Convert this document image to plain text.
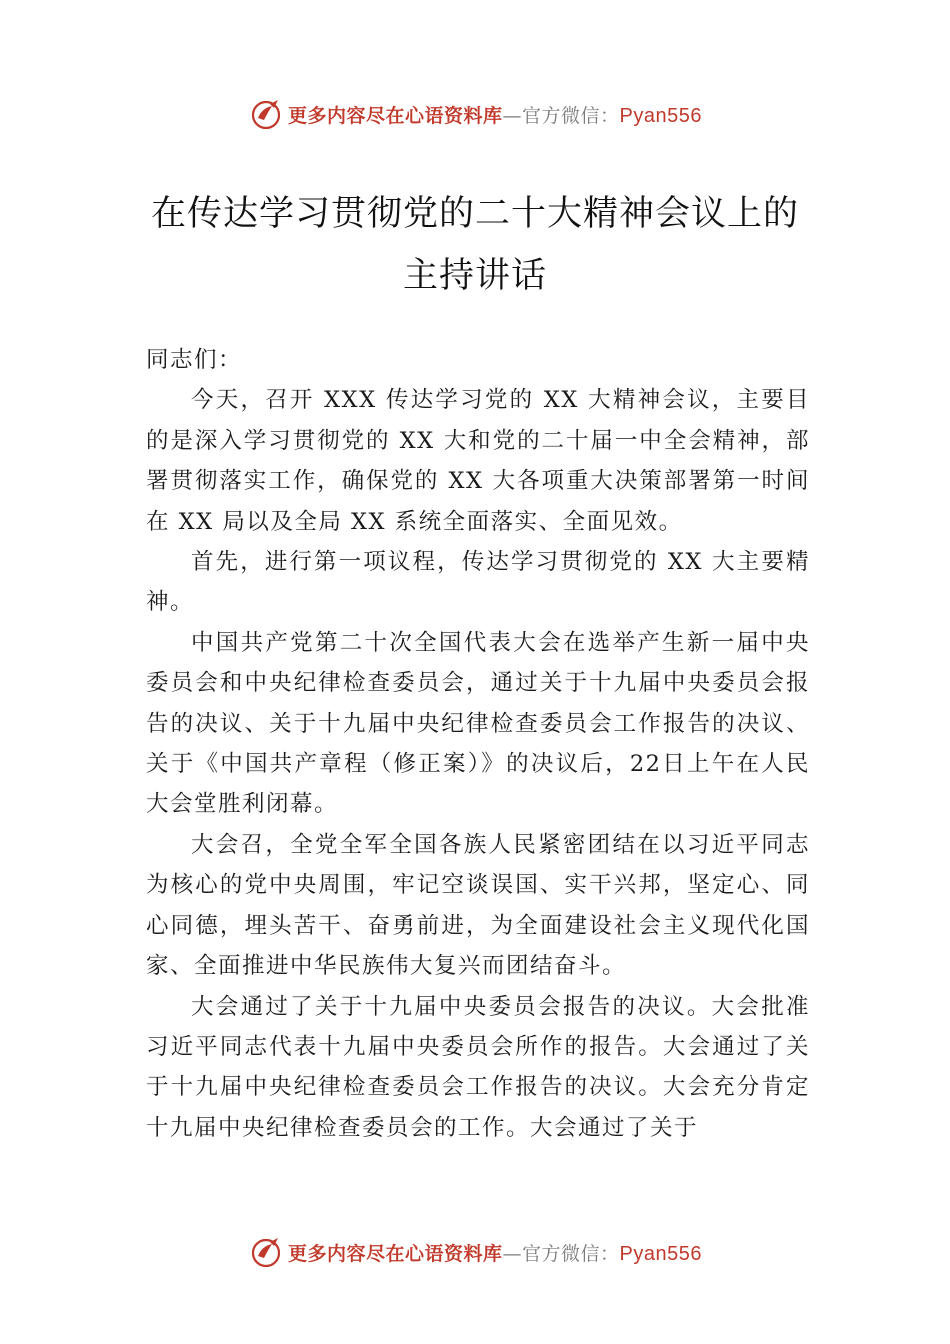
更多内容尽在心语资料库—官方微信：Pyan556
在传达学习贯彻党的二十大精神会议上的
主持讲话

同志们：

今天，召开 XXX 传达学习党的 XX 大精神会议，主要目的是深入学习贯彻党的 XX 大和党的二十届一中全会精神，部署贯彻落实工作，确保党的 XX 大各项重大决策部署第一时间在 XX 局以及全局 XX 系统全面落实、全面见效。

首先，进行第一项议程，传达学习贯彻党的 XX 大主要精神。

中国共产党第二十次全国代表大会在选举产生新一届中央委员会和中央纪律检查委员会，通过关于十九届中央委员会报告的决议、关于十九届中央纪律检查委员会工作报告的决议、关于《中国共产章程（修正案）》的决议后，22日上午在人民大会堂胜利闭幕。

大会召，全党全军全国各族人民紧密团结在以习近平同志为核心的党中央周围，牢记空谈误国、实干兴邦，坚定心、同心同德，埋头苦干、奋勇前进，为全面建设社会主义现代化国家、全面推进中华民族伟大复兴而团结奋斗。

大会通过了关于十九届中央委员会报告的决议。大会批准习近平同志代表十九届中央委员会所作的报告。大会通过了关于十九届中央纪律检查委员会工作报告的决议。大会充分肯定十九届中央纪律检查委员会的工作。大会通过了关于

更多内容尽在心语资料库—官方微信：Pyan556
